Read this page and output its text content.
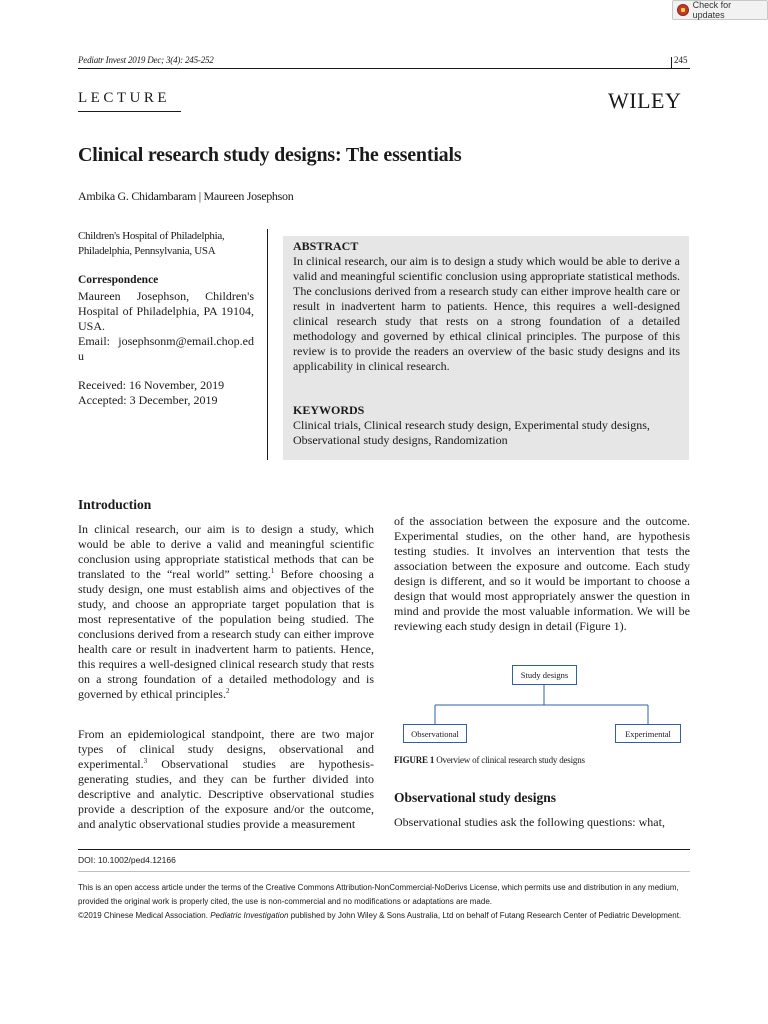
Check for updates
Pediatr Invest 2019 Dec; 3(4): 245-252	245
LECTURE	WILEY
Clinical research study designs: The essentials
Ambika G. Chidambaram | Maureen Josephson
Children's Hospital of Philadelphia, Philadelphia, Pennsylvania, USA
Correspondence
Maureen Josephson, Children's Hospital of Philadelphia, PA 19104, USA.
Email: josephsonm@email.chop.edu
Received: 16 November, 2019
Accepted: 3 December, 2019
ABSTRACT
In clinical research, our aim is to design a study which would be able to derive a valid and meaningful scientific conclusion using appropriate statistical methods. The conclusions derived from a research study can either improve health care or result in inadvertent harm to patients. Hence, this requires a well-designed clinical research study that rests on a strong foundation of a detailed methodology and governed by ethical clinical principles. The purpose of this review is to provide the readers an overview of the basic study designs and its applicability in clinical research.
KEYWORDS
Clinical trials, Clinical research study design, Experimental study designs, Observational study designs, Randomization
Introduction
In clinical research, our aim is to design a study, which would be able to derive a valid and meaningful scientific conclusion using appropriate statistical methods that can be translated to the “real world” setting.$^1$ Before choosing a study design, one must establish aims and objectives of the study, and choose an appropriate target population that is most representative of the population being studied. The conclusions derived from a research study can either improve health care or result in inadvertent harm to patients. Hence, this requires a well-designed clinical research study that rests on a strong foundation of a detailed methodology and is governed by ethical principles.$^2$
From an epidemiological standpoint, there are two major types of clinical study designs, observational and experimental.$^3$ Observational studies are hypothesis-generating studies, and they can be further divided into descriptive and analytic. Descriptive observational studies provide a description of the exposure and/or the outcome, and analytic observational studies provide a measurement
of the association between the exposure and the outcome. Experimental studies, on the other hand, are hypothesis testing studies. It involves an intervention that tests the association between the exposure and outcome. Each study design is different, and so it would be important to choose a design that would most appropriately answer the question in mind and provide the most valuable information. We will be reviewing each study design in detail (Figure 1).
Study designs
Observational	Experimental
FIGURE 1 Overview of clinical research study designs
Observational study designs
Observational studies ask the following questions: what,
DOI: 10.1002/ped4.12166
This is an open access article under the terms of the Creative Commons Attribution-NonCommercial-NoDerivs License, which permits use and distribution in any medium, provided the original work is properly cited, the use is non-commercial and no modifications or adaptations are made.
©2019 Chinese Medical Association. Pediatric Investigation published by John Wiley & Sons Australia, Ltd on behalf of Futang Research Center of Pediatric Development.
